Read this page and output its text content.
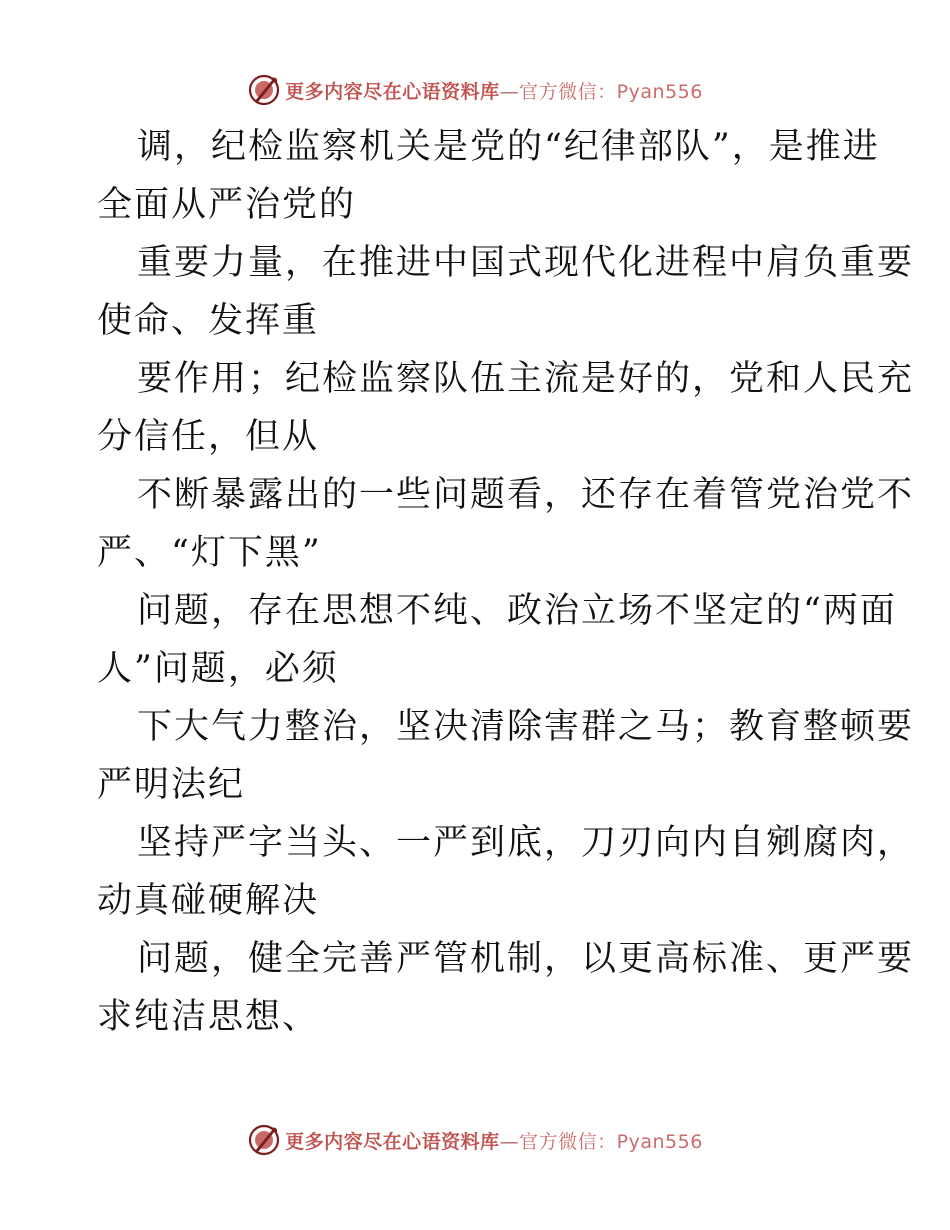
更多内容尽在心语资料库—官方微信：Pyan556
调，纪检监察机关是党的“纪律部队”，是推进
全面从严治党的
重要力量，在推进中国式现代化进程中肩负重要
使命、发挥重
要作用；纪检监察队伍主流是好的，党和人民充
分信任，但从
不断暴露出的一些问题看，还存在着管党治党不
严、“灯下黑”
问题，存在思想不纯、政治立场不坚定的“两面
人”问题，必须
下大气力整治，坚决清除害群之马；教育整顿要
严明法纪
坚持严字当头、一严到底，刀刃向内自剜腐肉，
动真碰硬解决
问题，健全完善严管机制，以更高标准、更严要
求纯洁思想、
更多内容尽在心语资料库—官方微信：Pyan556
